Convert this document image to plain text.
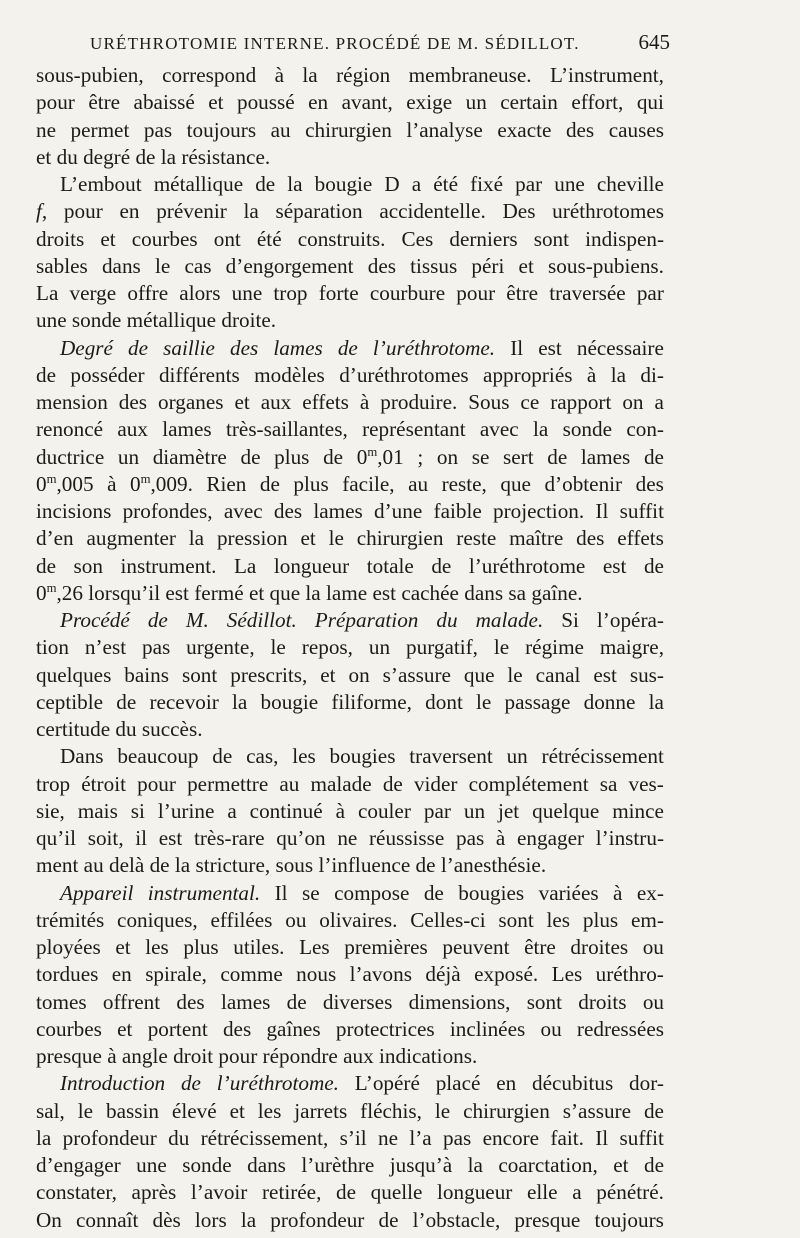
URÉTHROTOMIE INTERNE. PROCÉDÉ DE M. SÉDILLOT.	645
sous-pubien, correspond à la région membraneuse. L’instrument,
pour être abaissé et poussé en avant, exige un certain effort, qui
ne permet pas toujours au chirurgien l’analyse exacte des causes
et du degré de la résistance.
L’embout métallique de la bougie D a été fixé par une cheville
f, pour en prévenir la séparation accidentelle. Des uréthrotomes
droits et courbes ont été construits. Ces derniers sont indispen-
sables dans le cas d’engorgement des tissus péri et sous-pubiens.
La verge offre alors une trop forte courbure pour être traversée par
une sonde métallique droite.
Degré de saillie des lames de l’uréthrotome. Il est nécessaire
de posséder différents modèles d’uréthrotomes appropriés à la di-
mension des organes et aux effets à produire. Sous ce rapport on a
renoncé aux lames très-saillantes, représentant avec la sonde con-
ductrice un diamètre de plus de 0$^m$,01 ; on se sert de lames de
0$^m$,005 à 0$^m$,009. Rien de plus facile, au reste, que d’obtenir des
incisions profondes, avec des lames d’une faible projection. Il suffit
d’en augmenter la pression et le chirurgien reste maître des effets
de son instrument. La longueur totale de l’uréthrotome est de
0$^m$,26 lorsqu’il est fermé et que la lame est cachée dans sa gaîne.
Procédé de M. Sédillot. Préparation du malade. Si l’opéra-
tion n’est pas urgente, le repos, un purgatif, le régime maigre,
quelques bains sont prescrits, et on s’assure que le canal est sus-
ceptible de recevoir la bougie filiforme, dont le passage donne la
certitude du succès.
Dans beaucoup de cas, les bougies traversent un rétrécissement
trop étroit pour permettre au malade de vider complétement sa ves-
sie, mais si l’urine a continué à couler par un jet quelque mince
qu’il soit, il est très-rare qu’on ne réussisse pas à engager l’instru-
ment au delà de la stricture, sous l’influence de l’anesthésie.
Appareil instrumental. Il se compose de bougies variées à ex-
trémités coniques, effilées ou olivaires. Celles-ci sont les plus em-
ployées et les plus utiles. Les premières peuvent être droites ou
tordues en spirale, comme nous l’avons déjà exposé. Les uréthro-
tomes offrent des lames de diverses dimensions, sont droits ou
courbes et portent des gaînes protectrices inclinées ou redressées
presque à angle droit pour répondre aux indications.
Introduction de l’uréthrotome. L’opéré placé en décubitus dor-
sal, le bassin élevé et les jarrets fléchis, le chirurgien s’assure de
la profondeur du rétrécissement, s’il ne l’a pas encore fait. Il suffit
d’engager une sonde dans l’urèthre jusqu’à la coarctation, et de
constater, après l’avoir retirée, de quelle longueur elle a pénétré.
On connaît dès lors la profondeur de l’obstacle, presque toujours
